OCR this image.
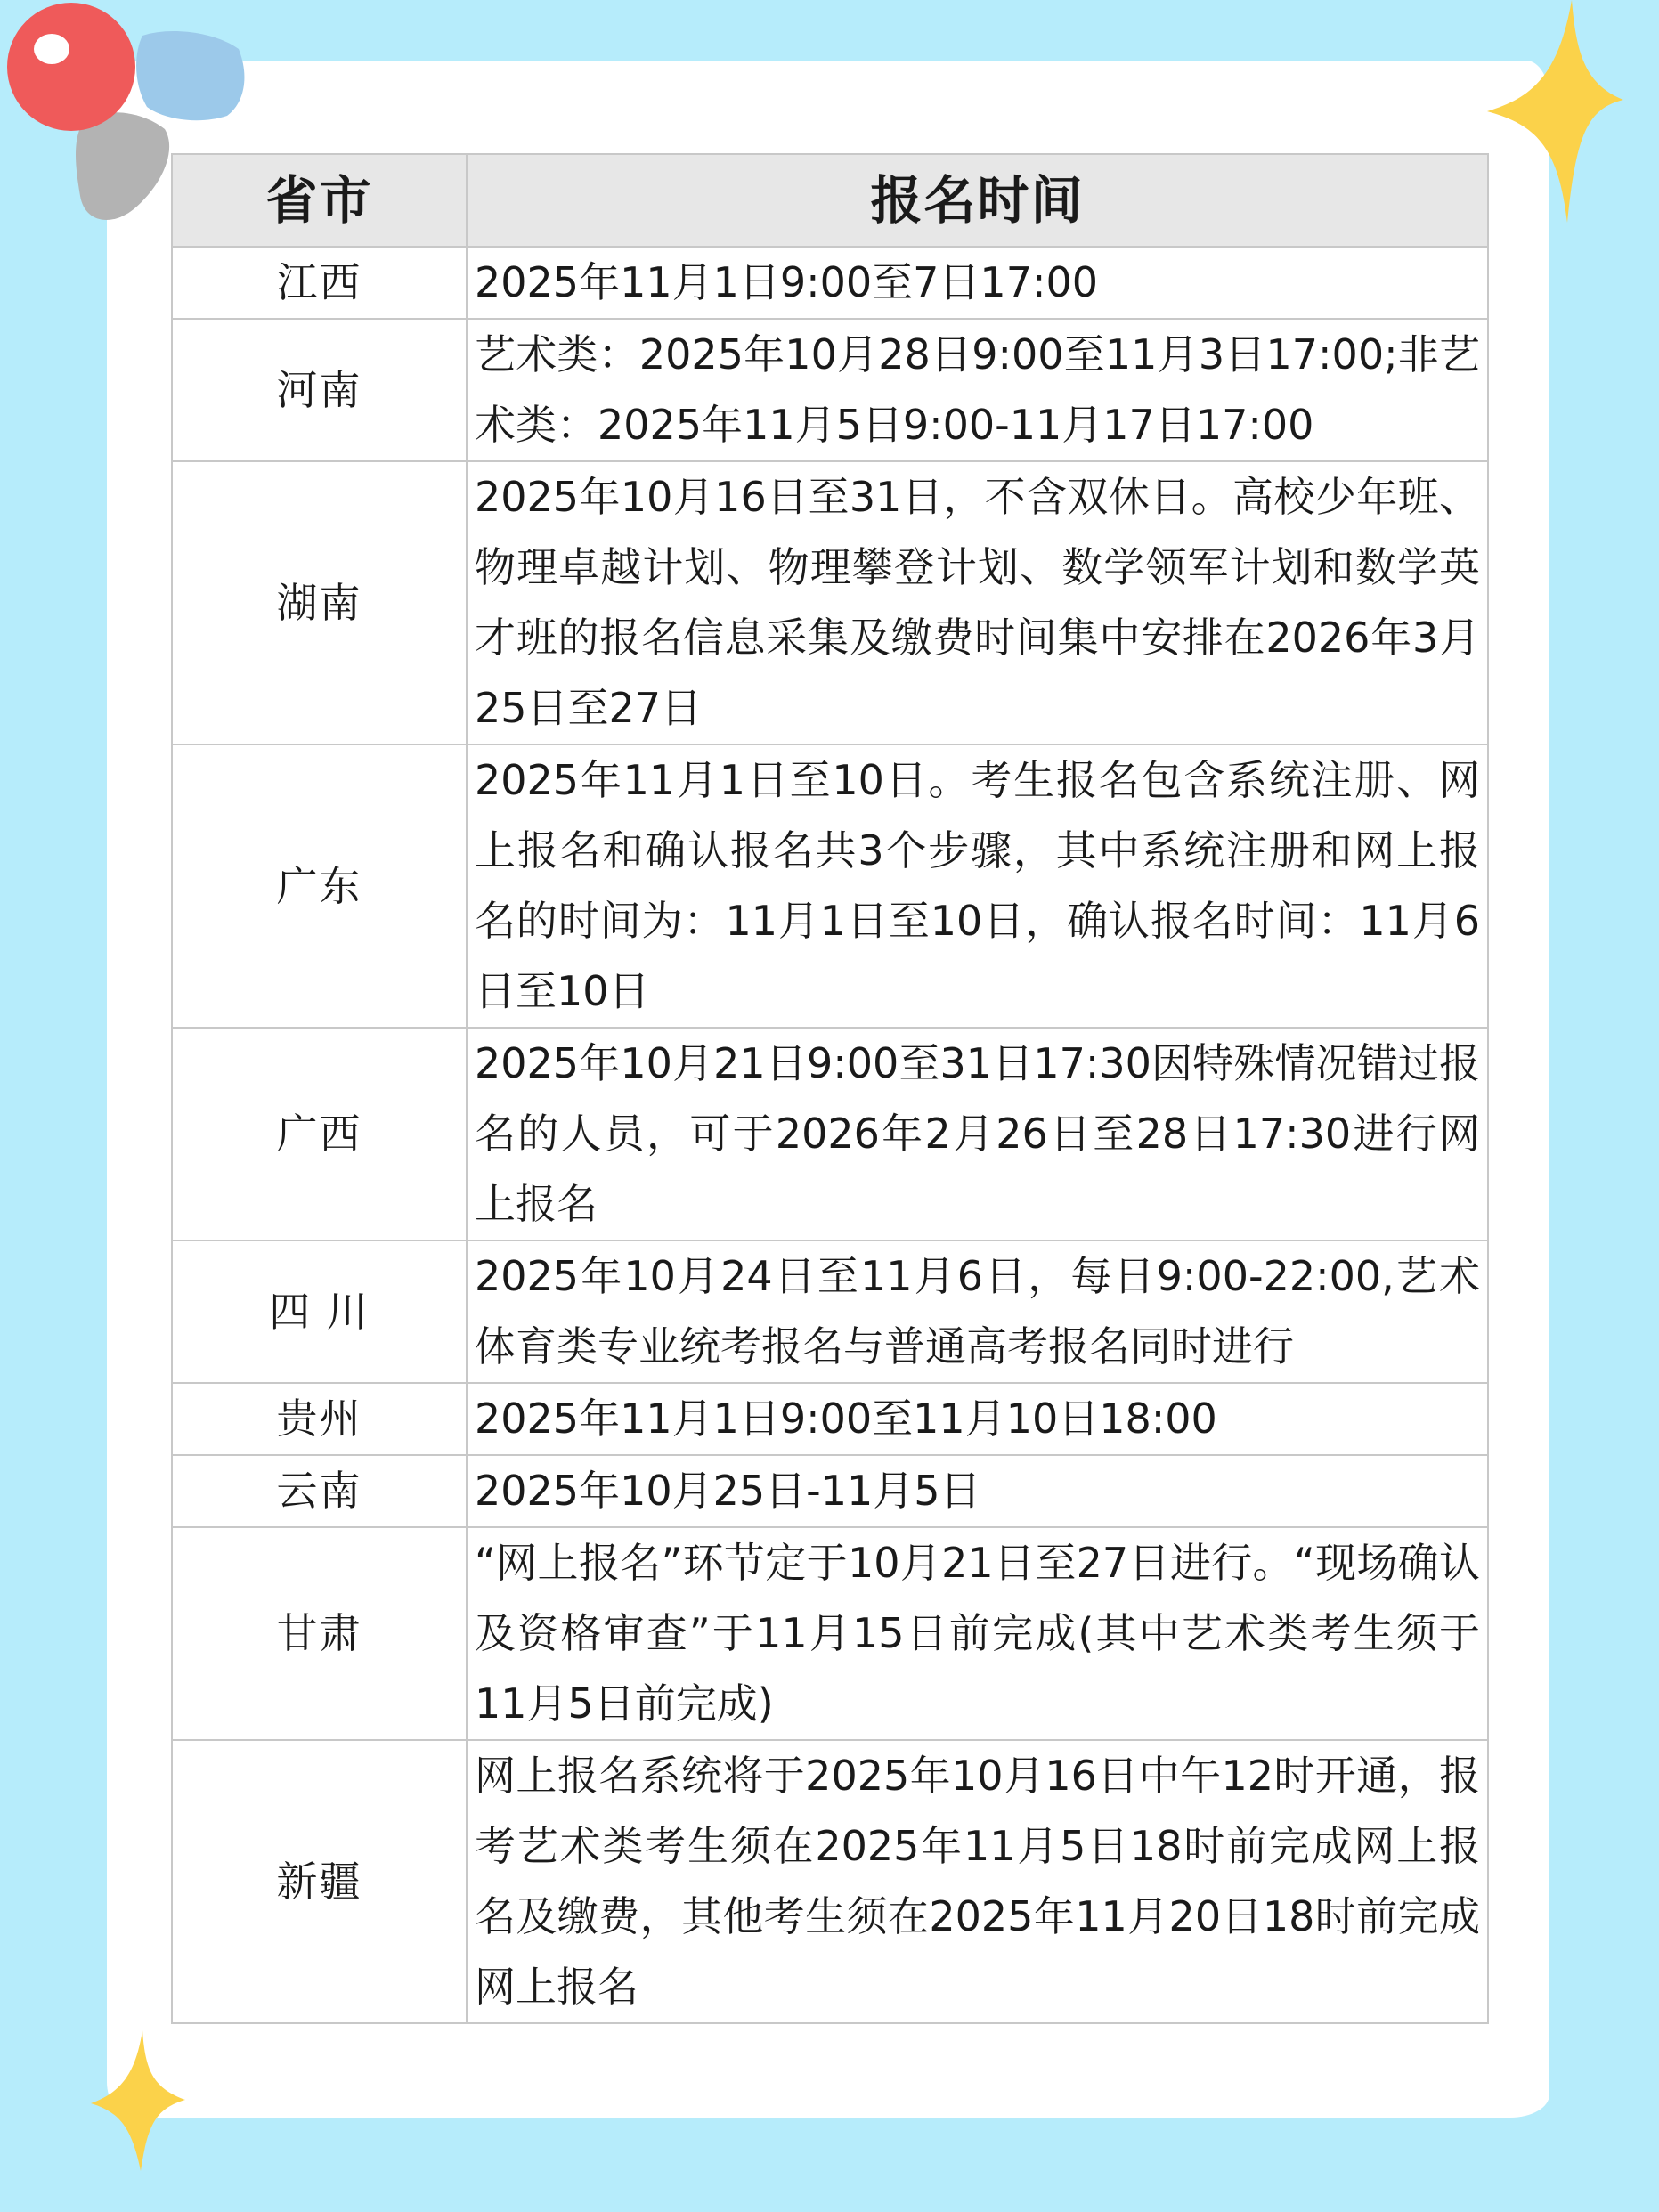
省市	报名时间
江西	2025年11月1日9:00至7日17:00
河南	艺术类：2025年10月28日9:00至11月3日17:00;非艺术类：2025年11月5日9:00-11月17日17:00
湖南	2025年10月16日至31日，不含双休日。高校少年班、物理卓越计划、物理攀登计划、数学领军计划和数学英才班的报名信息采集及缴费时间集中安排在2026年3月25日至27日
广东	2025年11月1日至10日。考生报名包含系统注册、网上报名和确认报名共3个步骤，其中系统注册和网上报名的时间为：11月1日至10日，确认报名时间：11月6日至10日
广西	2025年10月21日9:00至31日17:30因特殊情况错过报名的人员，可于2026年2月26日至28日17:30进行网上报名
四 川	2025年10月24日至11月6日，每日9:00-22:00,艺术体育类专业统考报名与普通高考报名同时进行
贵州	2025年11月1日9:00至11月10日18:00
云南	2025年10月25日-11月5日
甘肃	“网上报名”环节定于10月21日至27日进行。“现场确认及资格审查”于11月15日前完成(其中艺术类考生须于11月5日前完成)
新疆	网上报名系统将于2025年10月16日中午12时开通，报考艺术类考生须在2025年11月5日18时前完成网上报名及缴费，其他考生须在2025年11月20日18时前完成网上报名
